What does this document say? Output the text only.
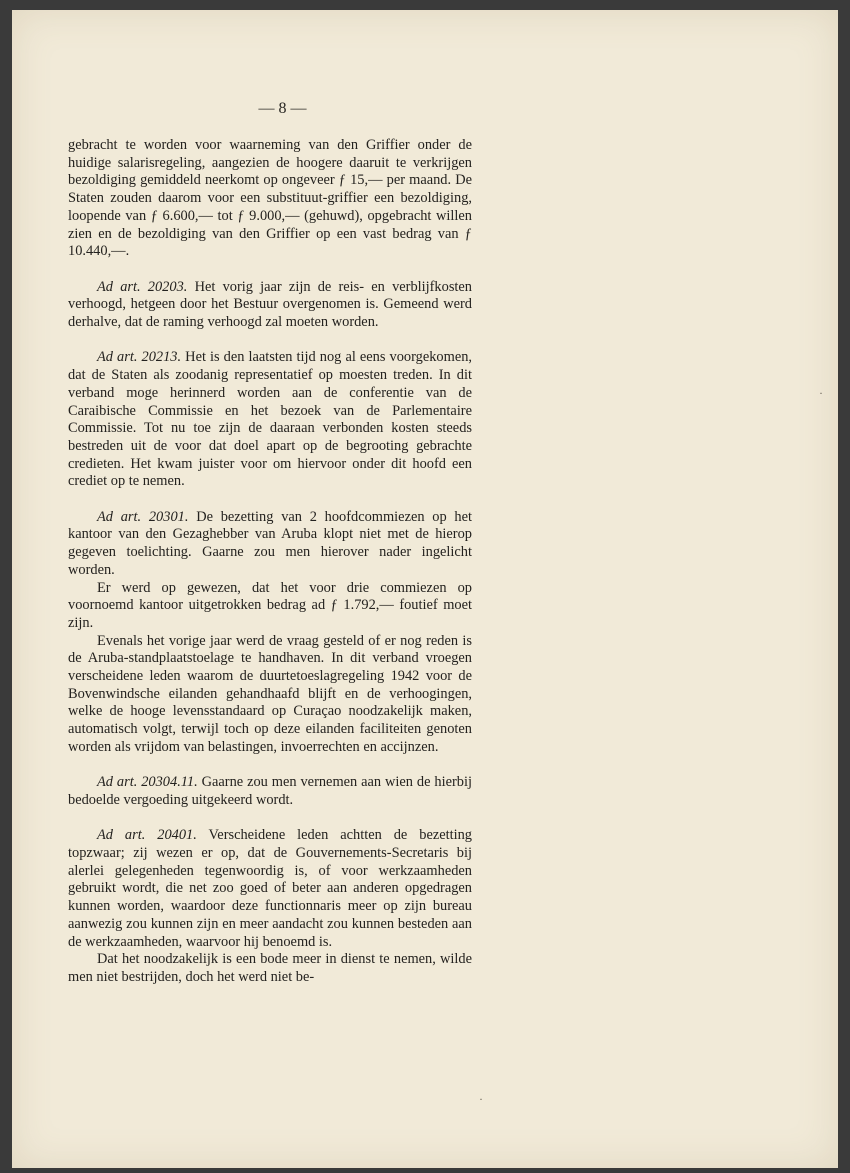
— 8 —

gebracht te worden voor waarneming van den Griffier onder de huidige salarisregeling, aangezien de hoogere daaruit te verkrijgen bezoldiging gemiddeld neerkomt op ongeveer ƒ 15,— per maand. De Staten zouden daarom voor een substituut-griffier een bezoldiging, loopende van ƒ 6.600,— tot ƒ 9.000,— (gehuwd), opgebracht willen zien en de bezoldiging van den Griffier op een vast bedrag van ƒ 10.440,—.

Ad art. 20203. Het vorig jaar zijn de reis- en verblijfkosten verhoogd, hetgeen door het Bestuur overgenomen is. Gemeend werd derhalve, dat de raming verhoogd zal moeten worden.

Ad art. 20213. Het is den laatsten tijd nog al eens voorgekomen, dat de Staten als zoodanig representatief op moesten treden. In dit verband moge herinnerd worden aan de conferentie van de Caraibische Commissie en het bezoek van de Parlementaire Commissie. Tot nu toe zijn de daaraan verbonden kosten steeds bestreden uit de voor dat doel apart op de begrooting gebrachte credieten. Het kwam juister voor om hiervoor onder dit hoofd een crediet op te nemen.

Ad art. 20301. De bezetting van 2 hoofdcommiezen op het kantoor van den Gezaghebber van Aruba klopt niet met de hierop gegeven toelichting. Gaarne zou men hierover nader ingelicht worden.

Er werd op gewezen, dat het voor drie commiezen op voornoemd kantoor uitgetrokken bedrag ad ƒ 1.792,— foutief moet zijn.

Evenals het vorige jaar werd de vraag gesteld of er nog reden is de Aruba-standplaatstoelage te handhaven. In dit verband vroegen verscheidene leden waarom de duurtetoeslagregeling 1942 voor de Bovenwindsche eilanden gehandhaafd blijft en de verhoogingen, welke de hooge levensstandaard op Curaçao noodzakelijk maken, automatisch volgt, terwijl toch op deze eilanden faciliteiten genoten worden als vrijdom van belastingen, invoerrechten en accijnzen.

Ad art. 20304.11. Gaarne zou men vernemen aan wien de hierbij bedoelde vergoeding uitgekeerd wordt.

Ad art. 20401. Verscheidene leden achtten de bezetting topzwaar; zij wezen er op, dat de Gouvernements-Secretaris bij alerlei gelegenheden tegenwoordig is, of voor werkzaamheden gebruikt wordt, die net zoo goed of beter aan anderen opgedragen kunnen worden, waardoor deze functionnaris meer op zijn bureau aanwezig zou kunnen zijn en meer aandacht zou kunnen besteden aan de werkzaamheden, waarvoor hij benoemd is.

Dat het noodzakelijk is een bode meer in dienst te nemen, wilde men niet bestrijden, doch het werd niet be-

·
·
